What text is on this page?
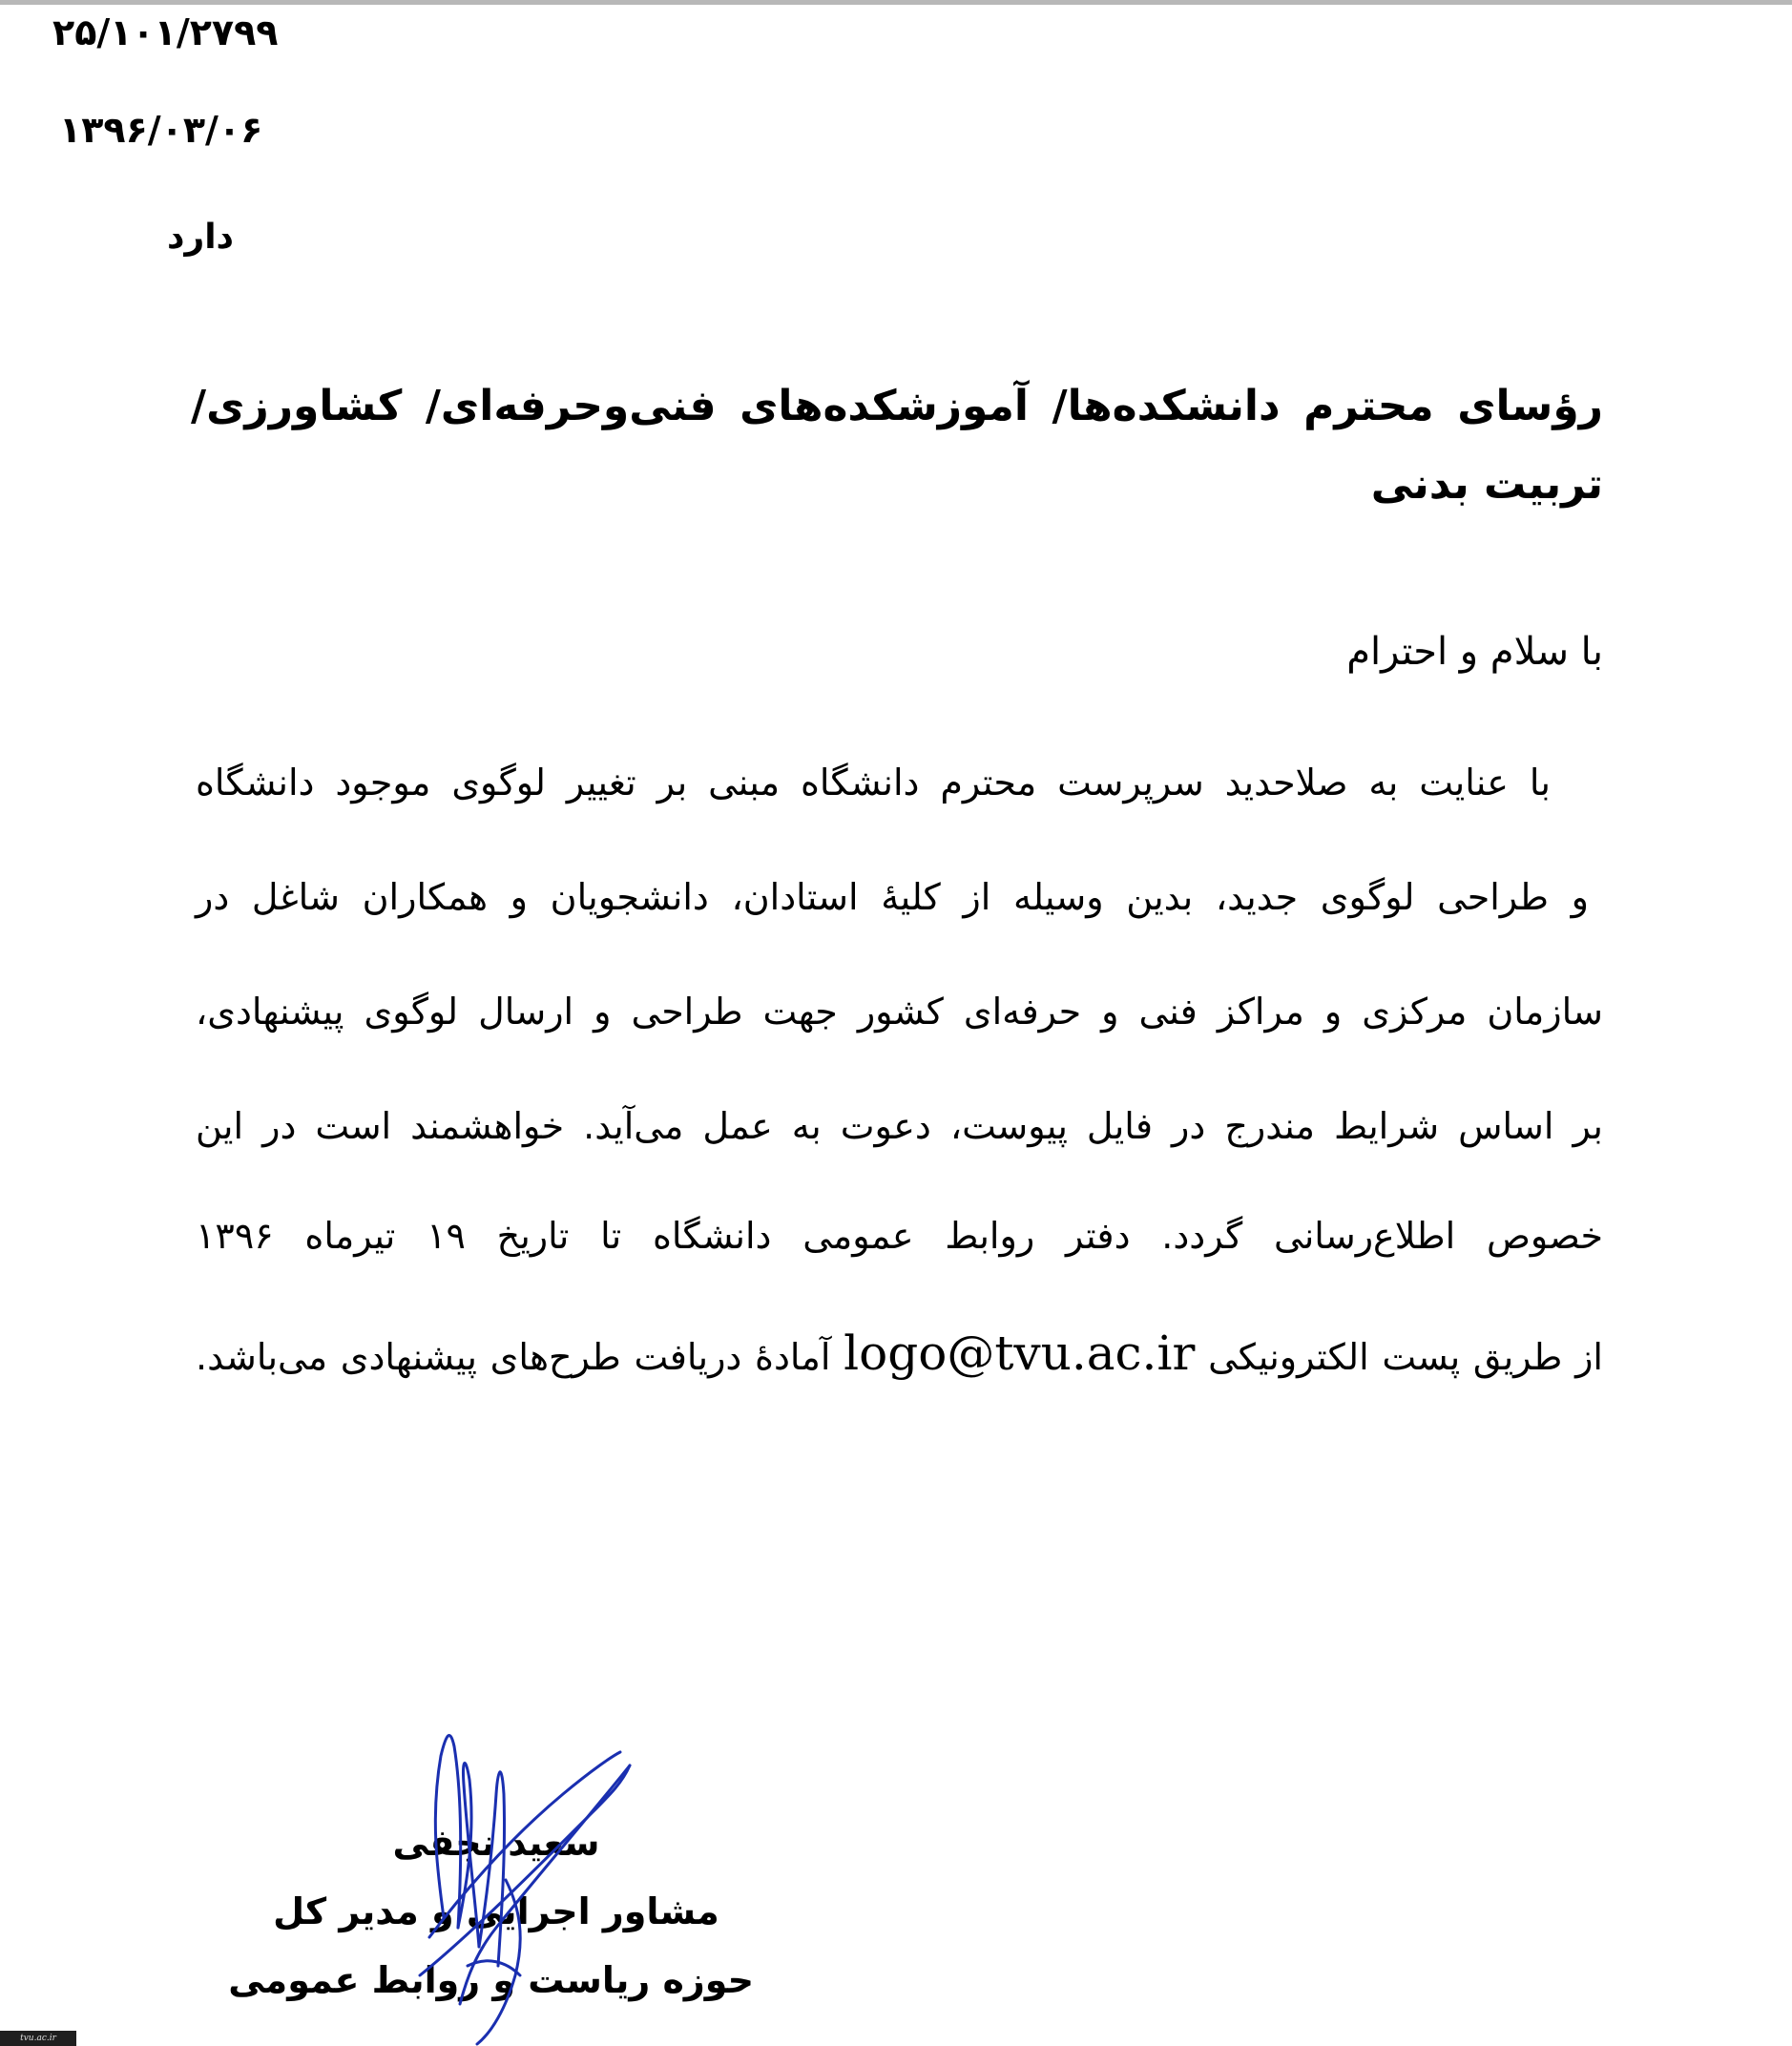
۲۵/۱۰۱/۲۷۹۹
۱۳۹۶/۰۳/۰۶
دارد
رؤسای محترم دانشکده‌ها/ آموزشکده‌های فنی‌وحرفه‌ای/ کشاورزی/
تربیت بدنی
با سلام و احترام
با عنایت به صلاحدید سرپرست محترم دانشگاه مبنی بر تغییر لوگوی موجود دانشگاه
و طراحی لوگوی جدید، بدین وسیله از کلیهٔ استادان، دانشجویان و همکاران شاغل در
سازمان مرکزی و مراکز فنی و حرفه‌ای کشور جهت طراحی و ارسال لوگوی پیشنهادی،
بر اساس شرایط مندرج در فایل پیوست، دعوت به عمل می‌آید. خواهشمند است در این
خصوص اطلاع‌رسانی گردد. دفتر روابط عمومی دانشگاه تا تاریخ ۱۹ تیرماه ۱۳۹۶
از طریق پست الکترونیکی logo@tvu.ac.ir آمادهٔ دریافت طرح‌های پیشنهادی می‌باشد.
سعید نجفی
مشاور اجرایی و مدیر کل
حوزه ریاست و روابط عمومی
tvu.ac.ir
